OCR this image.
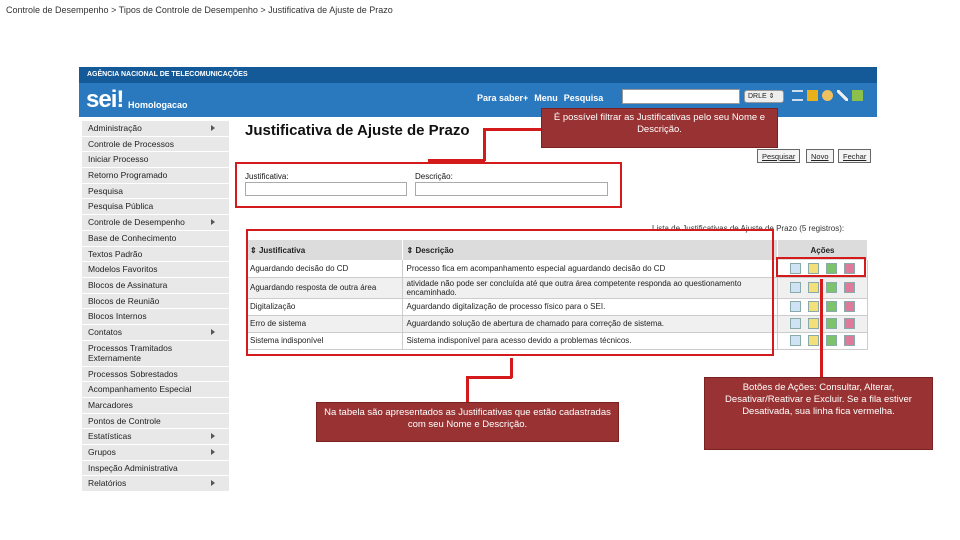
Controle de Desempenho > Tipos de Controle de Desempenho > Justificativa de Ajuste de Prazo
AGÊNCIA NACIONAL DE TELECOMUNICAÇÕES
sei! Homologacao
Para saber+ Menu Pesquisa	DRLE ⇕
Administração
Controle de Processos
Iniciar Processo
Retorno Programado
Pesquisa
Pesquisa Pública
Controle de Desempenho
Base de Conhecimento
Textos Padrão
Modelos Favoritos
Blocos de Assinatura
Blocos de Reunião
Blocos Internos
Contatos
Processos Tramitados Externamente
Processos Sobrestados
Acompanhamento Especial
Marcadores
Pontos de Controle
Estatísticas
Grupos
Inspeção Administrativa
Relatórios
Justificativa de Ajuste de Prazo
Pesquisar	Novo	Fechar
Justificativa:	Descrição:
Lista de Justificativas de Ajuste de Prazo (5 registros):
⇕ Justificativa	⇕ Descrição	Ações
Aguardando decisão do CD	Processo fica em acompanhamento especial aguardando decisão do CD	

Aguardando resposta de outra área	atividade não pode ser concluída até que outra área competente responda ao questionamento encaminhado.	

Digitalização	Aguardando digitalização de processo físico para o SEI.	

Erro de sistema	Aguardando solução de abertura de chamado para correção de sistema.	

Sistema indisponível	Sistema indisponível para acesso devido a problemas técnicos.	
É possível filtrar as Justificativas pelo seu Nome e Descrição.
Na tabela são apresentados as Justificativas que estão cadastradas com seu Nome e Descrição.
Botões de Ações: Consultar, Alterar, Desativar/Reativar e Excluir. Se a fila estiver Desativada, sua linha fica vermelha.
